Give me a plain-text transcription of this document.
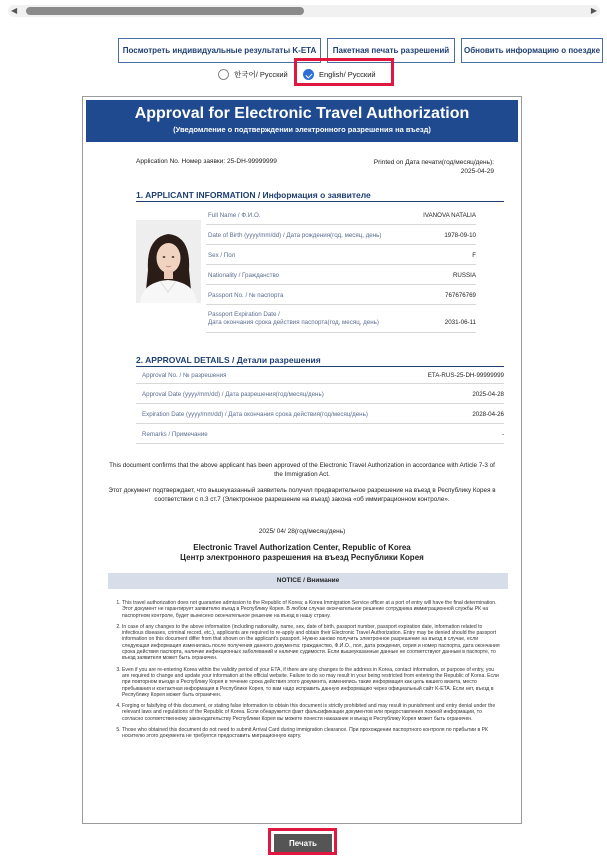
◀	▶
Посмотреть индивидуальные результаты K-ETA	Пакетная печать разрешений	Обновить информацию о поездке
한국어/ Русский	English/ Русский
Approval for Electronic Travel Authorization
(Уведомление о подтверждении электронного разрешения на въезд)
Application No. Номер заявки: 25-DH-99999999	Printed on Дата печати(год/месяц/день):
2025-04-29
1. APPLICANT INFORMATION / Информация о заявителе
Full Name / Ф.И.О.	IVANOVA NATALIA
Date of Birth (yyyy/mm/dd) / Дата рождения(год, месяц, день)	1978-09-10
Sex / Пол	F
Nationality / Гражданство	RUSSIA
Passport No. / № паспорта	767676769
Passport Expiration Date /
Дата окончания срока действия паспорта(год, месяц, день)	2031-06-11
2. APPROVAL DETAILS / Детали разрешения
Approval No. / № разрешения	ETA-RUS-25-DH-99999999
Approval Date (yyyy/mm/dd) / Дата разрешения(год/месяц/день)	2025-04-28
Expiration Date (yyyy/mm/dd) / Дата окончания срока действия(год/месяц/день)	2028-04-26
Remarks / Примечание	-
This document confirms that the above applicant has been approved of the Electronic Travel Authorization in accordance with Article 7-3 of the Immigration Act.
Этот документ подтверждает, что вышеуказанный заявитель получил предварительное разрешение на въезд в Республику Корея в соответствии с п.3 ст.7 (Электронное разрешение на въезд) закона «об иммиграционном контроле».
2025/ 04/ 28(год/месяц/день)
Electronic Travel Authorization Center, Republic of Korea
Центр электронного разрешения на въезд Республики Корея
NOTICE / Внимание
1. This travel authorization does not guarantee admission to the Republic of Korea; a Korea Immigration Service officer at a port of entry will have the final determination. Этот документ не гарантирует заявителю въезд в Республику Корея. В любом случае окончательное решение сотрудника иммиграционной службы РК на паспортном контроле, будет вынесено окончательное решение на въезд в нашу страну.
2. In case of any changes to the above information (including nationality, name, sex, date of birth, passport number, passport expiration date, information related to infectious diseases, criminal record, etc.), applicants are required to re-apply and obtain their Electronic Travel Authorization. Entry may be denied should the passport information on this document differ from that shown on the applicant's passport. Нужно заново получить электронное разрешение на въезд в случае, если следующая информация изменилась после получения данного документа: гражданство, Ф.И.О., пол, дата рождения, серия и номер паспорта, дата окончания срока действия паспорта, наличие инфекционных заболеваний и наличие судимости. Если вышеуказанные данные не соответствуют данным в паспорте, то въезд заявителя может быть ограничен.
3. Even if you are re-entering Korea within the validity period of your ETA, if there are any changes to the address in Korea, contact information, or purpose of entry, you are required to change and update your information at the official website. Failure to do so may result in your being restricted from entering the Republic of Korea. Если при повторном въезде в Республику Корея в течение срока действия этого документа, изменились такие информация как цель вашего визита, место пребывания и контактная информация в Республике Корея, то вам надо исправить данную информацию через официальный сайт K-ETA. Если нет, въезд в Республику Корея может быть ограничен.
4. Forging or falsifying of this document, or stating false information to obtain this document is strictly prohibited and may result in punishment and entry denial under the relevant laws and regulations of the Republic of Korea. Если обнаружится факт фальсификации документов или предоставления ложной информации, то согласно соответственному законодательству Республики Корея вы можете понести наказание и въезд в Республику Корея может быть ограничен.
5. Those who obtained this document do not need to submit Arrival Card during immigration clearance. При прохождении паспортного контроля по прибытии в РК носителю этого документа не требуется предоставить миграционную карту.
Печать
